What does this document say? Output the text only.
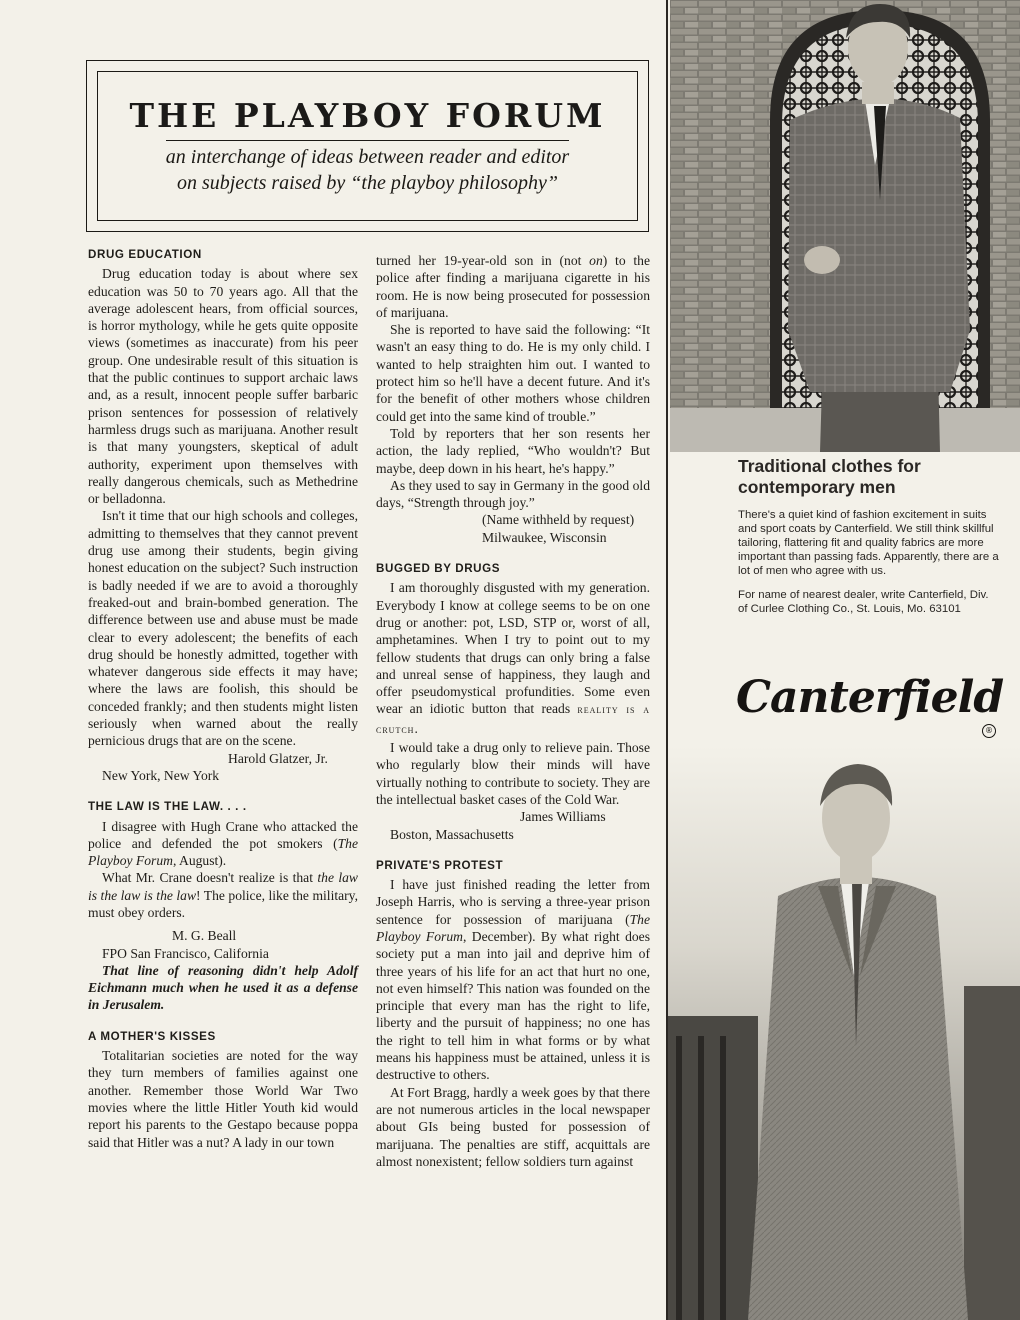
THE PLAYBOY FORUM
an interchange of ideas between reader and editor
on subjects raised by “the playboy philosophy”
DRUG EDUCATION

Drug education today is about where sex education was 50 to 70 years ago. All that the average adolescent hears, from official sources, is horror mythology, while he gets quite opposite views (sometimes as inaccurate) from his peer group. One undesirable result of this situation is that the public continues to support archaic laws and, as a result, innocent people suffer barbaric prison sentences for possession of relatively harmless drugs such as marijuana. Another result is that many youngsters, skeptical of adult authority, experiment upon themselves with really dangerous chemicals, such as Methedrine or belladonna.

Isn't it time that our high schools and colleges, admitting to themselves that they cannot prevent drug use among their students, begin giving honest education on the subject? Such instruction is badly needed if we are to avoid a thoroughly freaked-out and brain-bombed generation. The difference between use and abuse must be made clear to every adolescent; the benefits of each drug should be honestly admitted, together with whatever dangerous side effects it may have; where the laws are foolish, this should be conceded frankly; and then students might listen seriously when warned about the really pernicious drugs that are on the scene.

Harold Glatzer, Jr.

New York, New York

THE LAW IS THE LAW. . . .

I disagree with Hugh Crane who attacked the police and defended the pot smokers (The Playboy Forum, August).

What Mr. Crane doesn't realize is that the law is the law is the law! The police, like the military, must obey orders.

M. G. Beall

FPO San Francisco, California

That line of reasoning didn't help Adolf Eichmann much when he used it as a defense in Jerusalem.

A MOTHER'S KISSES

Totalitarian societies are noted for the way they turn members of families against one another. Remember those World War Two movies where the little Hitler Youth kid would report his parents to the Gestapo because poppa said that Hitler was a nut? A lady in our town

turned her 19-year-old son in (not on) to the police after finding a marijuana cigarette in his room. He is now being prosecuted for possession of marijuana.

She is reported to have said the following: “It wasn't an easy thing to do. He is my only child. I wanted to help straighten him out. I wanted to protect him so he'll have a decent future. And it's for the benefit of other mothers whose children could get into the same kind of trouble.”

Told by reporters that her son resents her action, the lady replied, “Who wouldn't? But maybe, deep down in his heart, he's happy.”

As they used to say in Germany in the good old days, “Strength through joy.”

(Name withheld by request)

Milwaukee, Wisconsin

BUGGED BY DRUGS

I am thoroughly disgusted with my generation. Everybody I know at college seems to be on one drug or another: pot, LSD, STP or, worst of all, amphetamines. When I try to point out to my fellow students that drugs can only bring a false and unreal sense of happiness, they laugh and offer pseudomystical profundities. Some even wear an idiotic button that reads reality is a crutch.

I would take a drug only to relieve pain. Those who regularly blow their minds will have virtually nothing to contribute to society. They are the intellectual basket cases of the Cold War.

James Williams

Boston, Massachusetts

PRIVATE'S PROTEST

I have just finished reading the letter from Joseph Harris, who is serving a three-year prison sentence for possession of marijuana (The Playboy Forum, December). By what right does society put a man into jail and deprive him of three years of his life for an act that hurt no one, not even himself? This nation was founded on the principle that every man has the right to life, liberty and the pursuit of happiness; no one has the right to tell him in what forms or by what means his happiness must be attained, unless it is destructive to others.

At Fort Bragg, hardly a week goes by that there are not numerous articles in the local newspaper about GIs being busted for possession of marijuana. The penalties are stiff, acquittals are almost nonexistent; fellow soldiers turn against

Traditional clothes for contemporary men

There's a quiet kind of fashion excitement in suits and sport coats by Canterfield. We still think skillful tailoring, flattering fit and quality fabrics are more important than passing fads. Apparently, there are a lot of men who agree with us.

For name of nearest dealer, write Canterfield, Div. of Curlee Clothing Co., St. Louis, Mo. 63101

Canterfield
®
